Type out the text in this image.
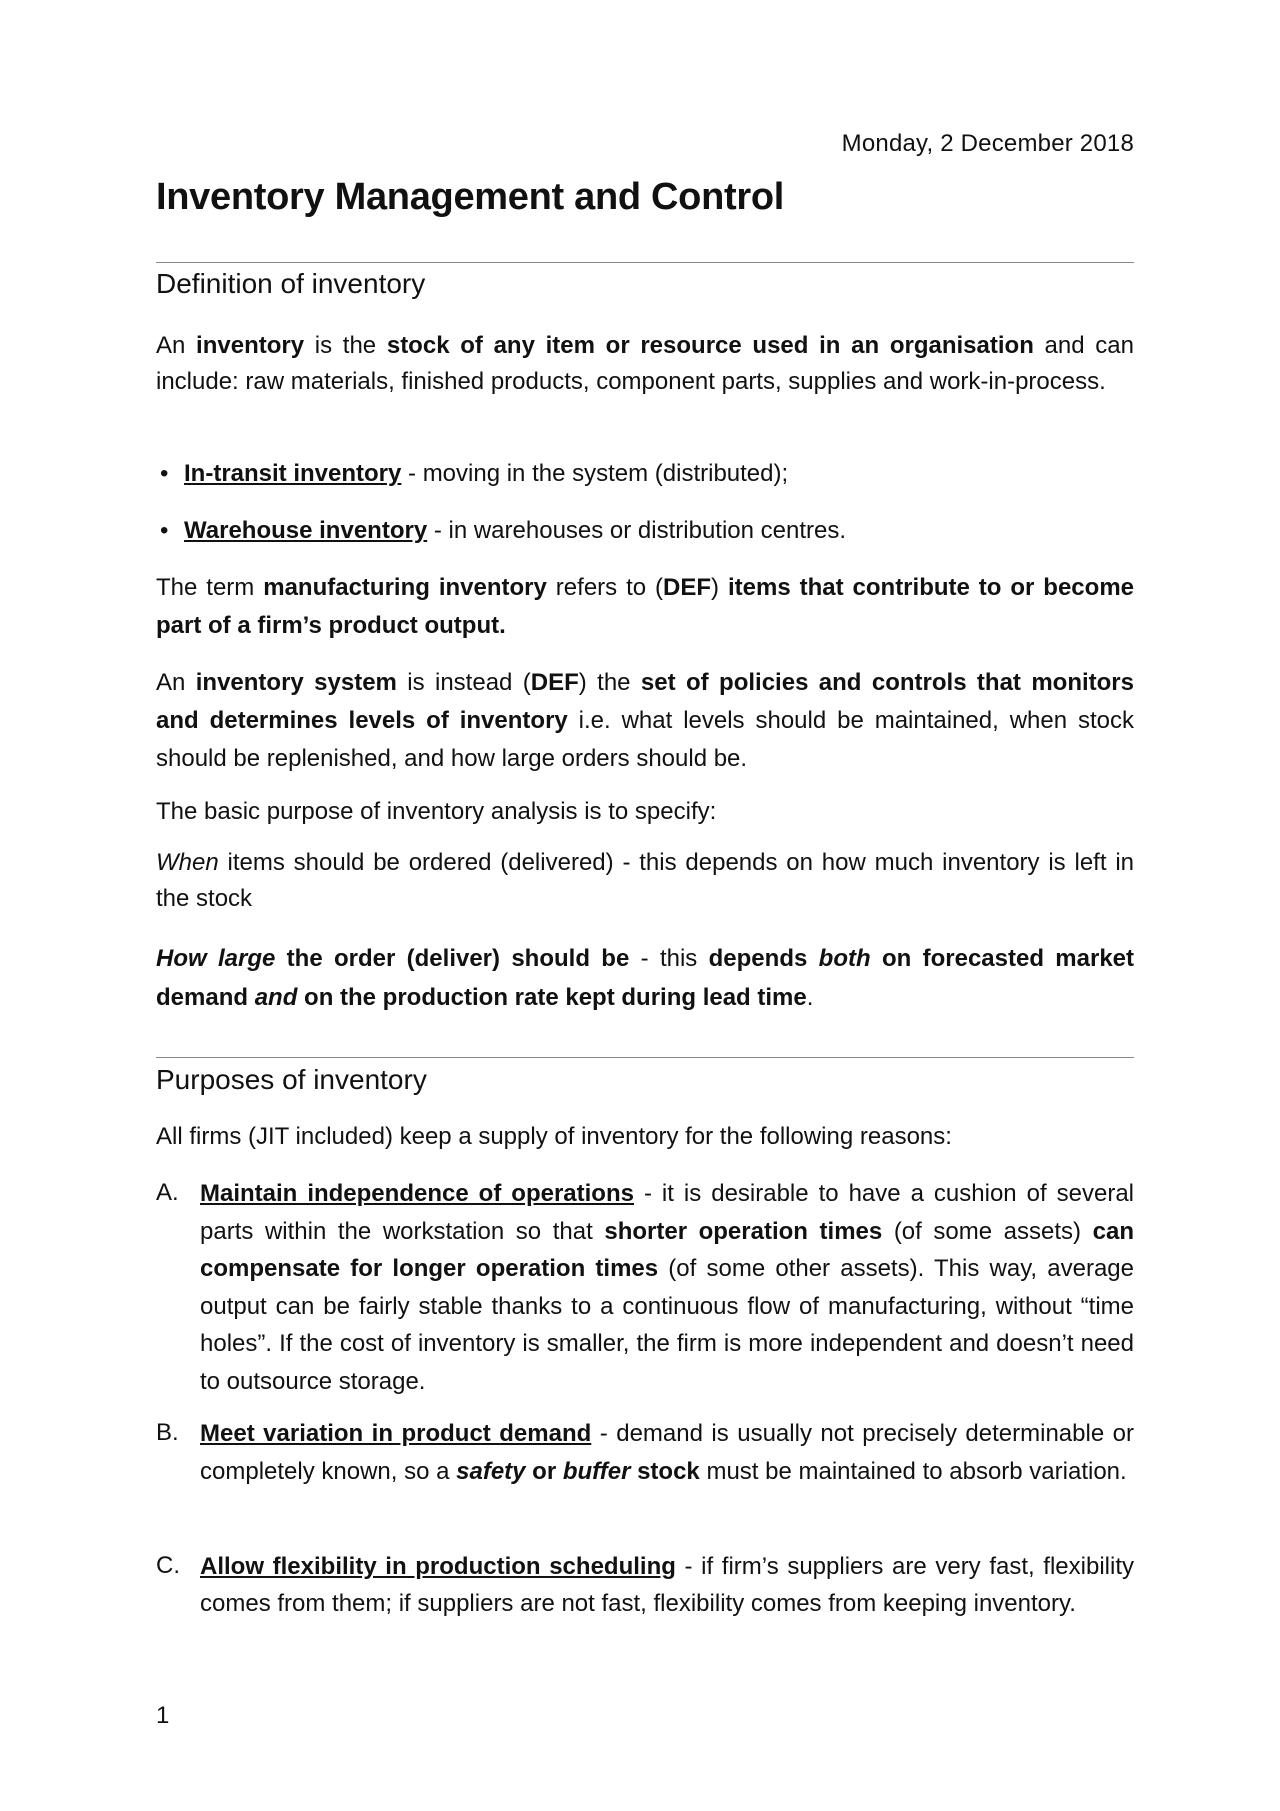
Monday, 2 December 2018
Inventory Management and Control
Definition of inventory

An inventory is the stock of any item or resource used in an organisation and can include: raw materials, finished products, component parts, supplies and work-in-process.

• In-transit inventory - moving in the system (distributed);
• Warehouse inventory - in warehouses or distribution centres.

The term manufacturing inventory refers to (DEF) items that contribute to or become part of a firm’s product output.

An inventory system is instead (DEF) the set of policies and controls that monitors and determines levels of inventory i.e. what levels should be maintained, when stock should be replenished, and how large orders should be.

The basic purpose of inventory analysis is to specify:

When items should be ordered (delivered) - this depends on how much inventory is left in the stock

How large the order (deliver) should be - this depends both on forecasted market demand and on the production rate kept during lead time.

Purposes of inventory

All firms (JIT included) keep a supply of inventory for the following reasons:

A. Maintain independence of operations - it is desirable to have a cushion of several parts within the workstation so that shorter operation times (of some assets) can compensate for longer operation times (of some other assets). This way, average output can be fairly stable thanks to a continuous flow of manufacturing, without “time holes”. If the cost of inventory is smaller, the firm is more independent and doesn’t need to outsource storage.
B. Meet variation in product demand - demand is usually not precisely determinable or completely known, so a safety or buffer stock must be maintained to absorb variation.
C. Allow flexibility in production scheduling - if firm’s suppliers are very fast, flexibility comes from them; if suppliers are not fast, flexibility comes from keeping inventory.
1
